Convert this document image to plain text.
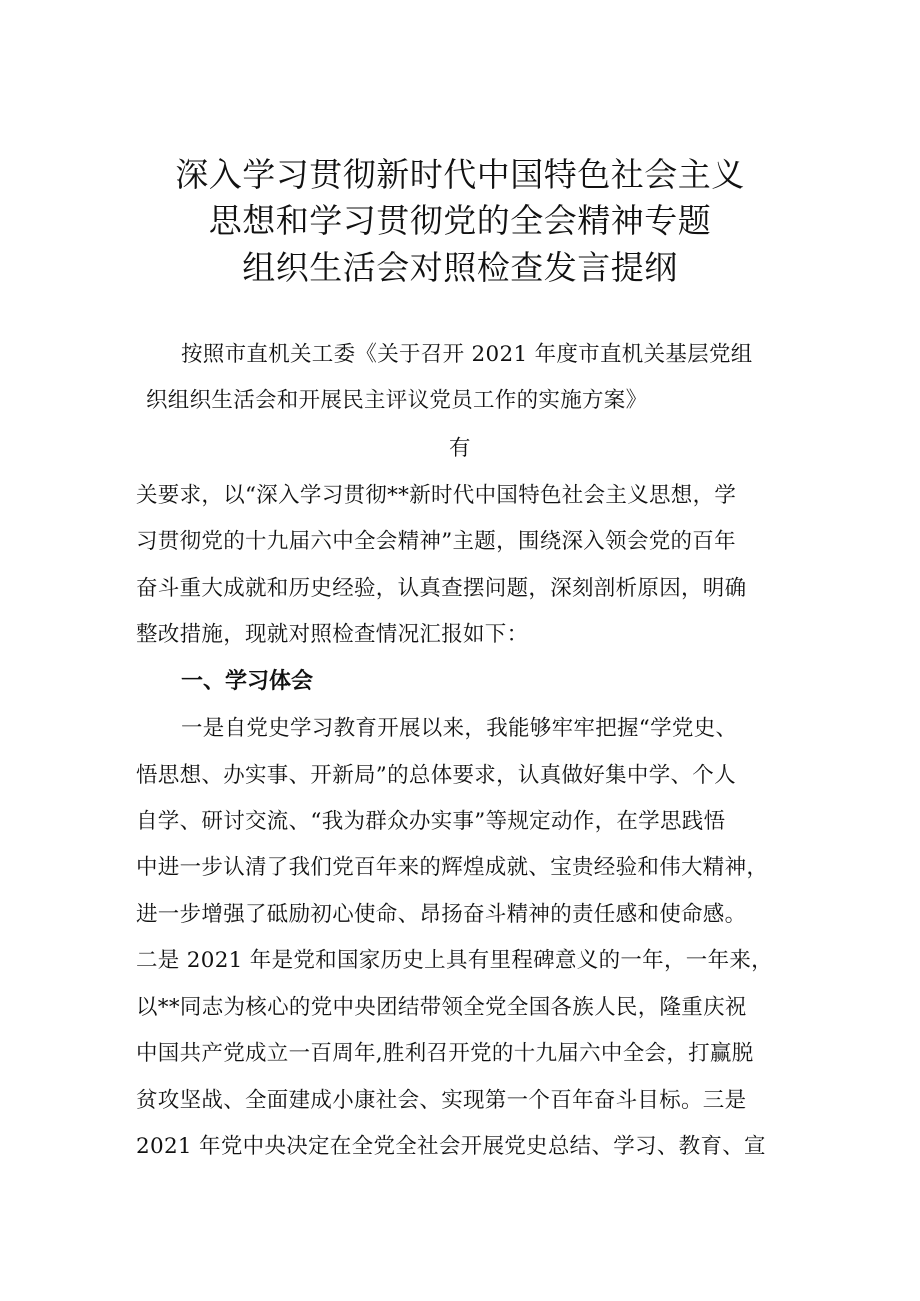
深入学习贯彻新时代中国特色社会主义
思想和学习贯彻党的全会精神专题
组织生活会对照检查发言提纲
按照市直机关工委《关于召开 2021 年度市直机关基层党组
织组织生活会和开展民主评议党员工作的实施方案》
有
关要求，以“深入学习贯彻**新时代中国特色社会主义思想，学
习贯彻党的十九届六中全会精神”主题，围绕深入领会党的百年
奋斗重大成就和历史经验，认真查摆问题，深刻剖析原因，明确
整改措施，现就对照检查情况汇报如下：
一、学习体会
一是自党史学习教育开展以来，我能够牢牢把握“学党史、
悟思想、办实事、开新局”的总体要求，认真做好集中学、个人
自学、研讨交流、“我为群众办实事”等规定动作，在学思践悟
中进一步认清了我们党百年来的辉煌成就、宝贵经验和伟大精神，
进一步增强了砥励初心使命、昂扬奋斗精神的责任感和使命感。
二是 2021 年是党和国家历史上具有里程碑意义的一年，一年来，
以**同志为核心的党中央团结带领全党全国各族人民，隆重庆祝
中国共产党成立一百周年,胜利召开党的十九届六中全会，打赢脱
贫攻坚战、全面建成小康社会、实现第一个百年奋斗目标。三是
2021 年党中央决定在全党全社会开展党史总结、学习、教育、宣
